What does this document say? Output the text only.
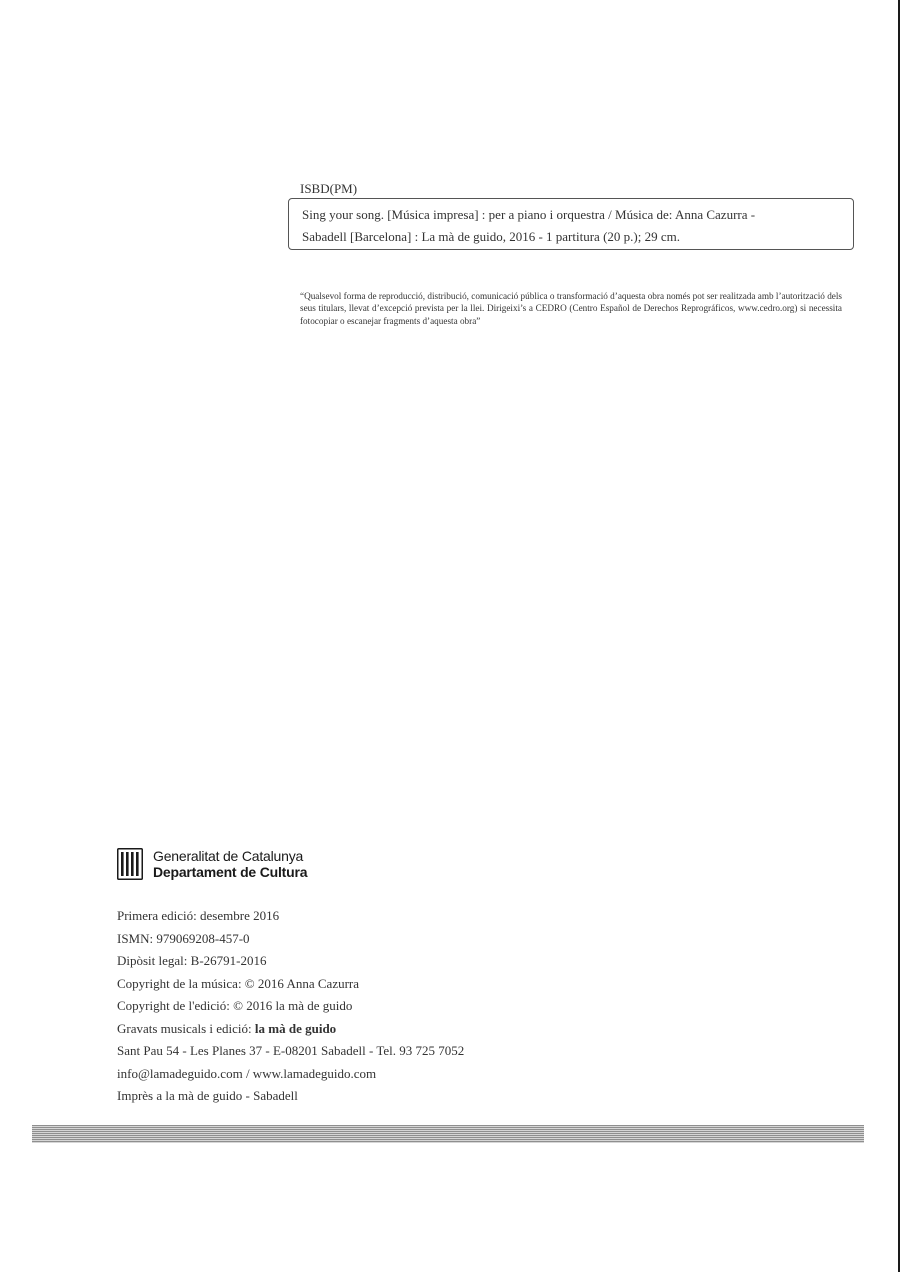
ISBD(PM)
Sing your song. [Música impresa] : per a piano i orquestra / Música de: Anna Cazurra -
Sabadell [Barcelona] : La mà de guido, 2016 - 1 partitura (20 p.); 29 cm.
“Qualsevol forma de reproducció, distribució, comunicació pública o transformació d’aquesta obra només pot ser realitzada amb l’autorització dels seus titulars, llevat d’excepció prevista per la llei. Dirigeixi’s a CEDRO (Centro Español de Derechos Reprográficos, www.cedro.org) si necessita fotocopiar o escanejar fragments d’aquesta obra”
Generalitat de Catalunya
Departament de Cultura
Primera edició: desembre 2016
ISMN: 979069208-457-0
Dipòsit legal: B-26791-2016
Copyright de la música: © 2016 Anna Cazurra
Copyright de l'edició: © 2016 la mà de guido
Gravats musicals i edició: la mà de guido
Sant Pau 54 - Les Planes 37 - E-08201 Sabadell - Tel. 93 725 7052
info@lamadeguido.com / www.lamadeguido.com
Imprès a la mà de guido - Sabadell
